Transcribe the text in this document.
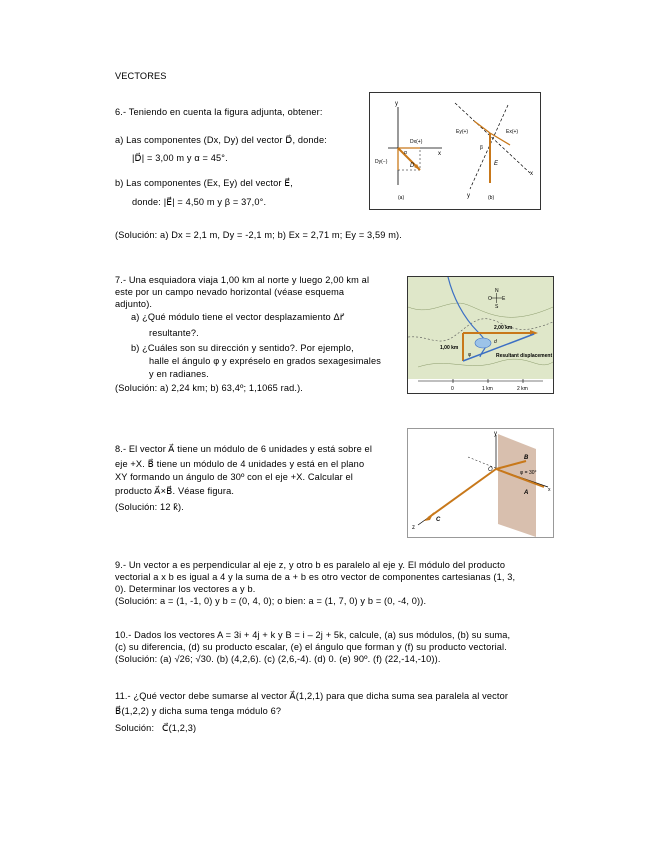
VECTORES
6.- Teniendo en cuenta la figura adjunta, obtener:
a) Las componentes (Dx, Dy) del vector D⃗, donde:
|D⃗| = 3,00 m y α = 45°.
b) Las componentes (Ex, Ey) del vector E⃗,
donde: |E⃗| = 4,50 m y β = 37,0°.
(Solución: a) Dx = 2,1 m, Dy = -2,1 m; b) Ex = 2,71 m; Ey = 3,59 m).
y
x
Dx(+)
Dy(−)
D
α
(a)
x
y
Ey(+)	Ex(+)
β
E
(b)
7.- Una esquiadora viaja 1,00 km al norte y luego 2,00 km al
este por un campo nevado horizontal (véase esquema
adjunto).
a) ¿Qué módulo tiene el vector desplazamiento Δr⃗
resultante?.
b) ¿Cuáles son su dirección y sentido?. Por ejemplo,
halle el ángulo φ y expréselo en grados sexagesimales
y en radianes.
(Solución: a) 2,24 km; b) 63,4º; 1,1065 rad.).
N
E
S
O
2,00 km
1,00 km
Resultant displacement
φ
d
0	1 km	2 km
8.- El vector A⃗ tiene un módulo de 6 unidades y está sobre el
eje +X. B⃗ tiene un módulo de 4 unidades y está en el plano
XY formando un ángulo de 30º con el eje +X. Calcular el
producto A⃗×B⃗. Véase figura.
(Solución: 12 k̂).
y
x
z
O
A
B
C
φ = 30°
9.- Un vector a es perpendicular al eje z, y otro b es paralelo al eje y. El módulo del producto
vectorial a x b es igual a 4 y la suma de a + b es otro vector de componentes cartesianas (1, 3,
0). Determinar los vectores a y b.
(Solución: a = (1, -1, 0) y b = (0, 4, 0); o bien: a = (1, 7, 0) y b = (0, -4, 0)).
10.- Dados los vectores A = 3i + 4j + k y B = i – 2j + 5k, calcule, (a) sus módulos, (b) su suma,
(c) su diferencia, (d) su producto escalar, (e) el ángulo que forman y (f) su producto vectorial.
(Solución: (a) √26; √30. (b) (4,2,6). (c) (2,6,-4). (d) 0. (e) 90º. (f) (22,-14,-10)).
11.- ¿Qué vector debe sumarse al vector A⃗(1,2,1) para que dicha suma sea paralela al vector
B⃗(1,2,2) y dicha suma tenga módulo 6?
Solución: C⃗(1,2,3)
